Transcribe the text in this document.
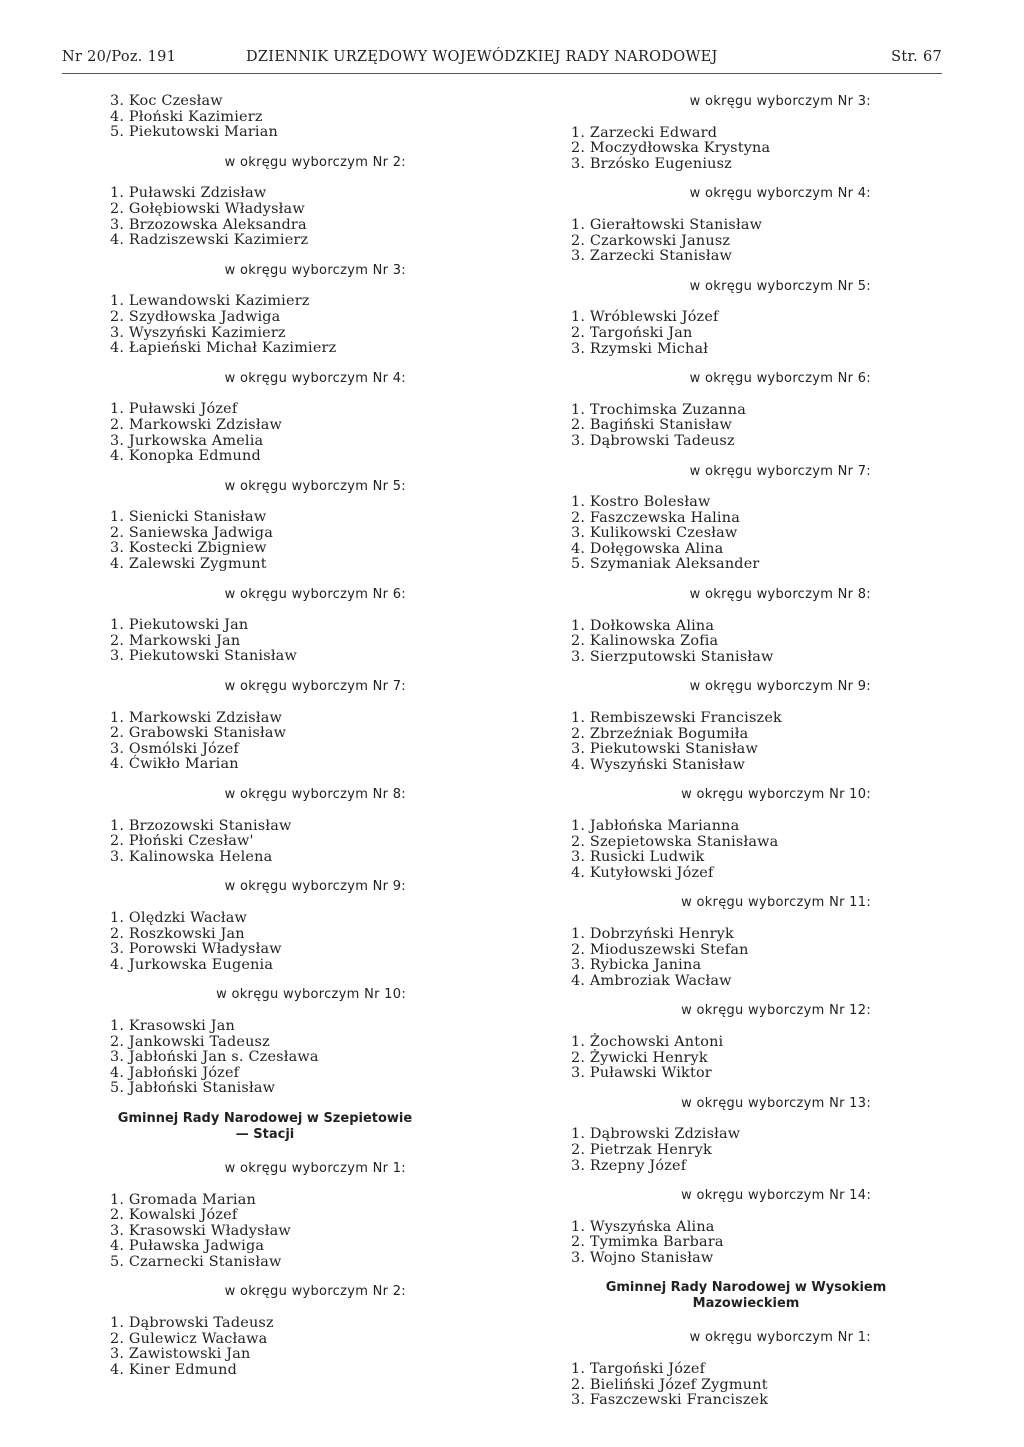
Nr 20/Poz. 191	DZIENNIK URZĘDOWY WOJEWÓDZKIEJ RADY NARODOWEJ	Str. 67
3. Koc Czesław
4. Płoński Kazimierz
5. Piekutowski Marian
w okręgu wyborczym Nr 2:
1. Puławski Zdzisław
2. Gołębiowski Władysław
3. Brzozowska Aleksandra
4. Radziszewski Kazimierz
w okręgu wyborczym Nr 3:
1. Lewandowski Kazimierz
2. Szydłowska Jadwiga
3. Wyszyński Kazimierz
4. Łapieński Michał Kazimierz
w okręgu wyborczym Nr 4:
1. Puławski Józef
2. Markowski Zdzisław
3. Jurkowska Amelia
4. Konopka Edmund
w okręgu wyborczym Nr 5:
1. Sienicki Stanisław
2. Saniewska Jadwiga
3. Kostecki Zbigniew
4. Zalewski Zygmunt
w okręgu wyborczym Nr 6:
1. Piekutowski Jan
2. Markowski Jan
3. Piekutowski Stanisław
w okręgu wyborczym Nr 7:
1. Markowski Zdzisław
2. Grabowski Stanisław
3. Osmólski Józef
4. Ćwikło Marian
w okręgu wyborczym Nr 8:
1. Brzozowski Stanisław
2. Płoński Czesław'
3. Kalinowska Helena
w okręgu wyborczym Nr 9:
1. Olędzki Wacław
2. Roszkowski Jan
3. Porowski Władysław
4. Jurkowska Eugenia
w okręgu wyborczym Nr 10:
1. Krasowski Jan
2. Jankowski Tadeusz
3. Jabłoński Jan s. Czesława
4. Jabłoński Józef
5. Jabłoński Stanisław
Gminnej Rady Narodowej w Szepietowie
— Stacji
w okręgu wyborczym Nr 1:
1. Gromada Marian
2. Kowalski Józef
3. Krasowski Władysław
4. Puławska Jadwiga
5. Czarnecki Stanisław
w okręgu wyborczym Nr 2:
1. Dąbrowski Tadeusz
2. Gulewicz Wacława
3. Zawistowski Jan
4. Kiner Edmund
w okręgu wyborczym Nr 3:
1. Zarzecki Edward
2. Moczydłowska Krystyna
3. Brzósko Eugeniusz
w okręgu wyborczym Nr 4:
1. Gierałtowski Stanisław
2. Czarkowski Janusz
3. Zarzecki Stanisław
w okręgu wyborczym Nr 5:
1. Wróblewski Józef
2. Targoński Jan
3. Rzymski Michał
w okręgu wyborczym Nr 6:
1. Trochimska Zuzanna
2. Bagiński Stanisław
3. Dąbrowski Tadeusz
w okręgu wyborczym Nr 7:
1. Kostro Bolesław
2. Faszczewska Halina
3. Kulikowski Czesław
4. Dołęgowska Alina
5. Szymaniak Aleksander
w okręgu wyborczym Nr 8:
1. Dołkowska Alina
2. Kalinowska Zofia
3. Sierzputowski Stanisław
w okręgu wyborczym Nr 9:
1. Rembiszewski Franciszek
2. Zbrzeźniak Bogumiła
3. Piekutowski Stanisław
4. Wyszyński Stanisław
w okręgu wyborczym Nr 10:
1. Jabłońska Marianna
2. Szepietowska Stanisława
3. Rusicki Ludwik
4. Kutyłowski Józef
w okręgu wyborczym Nr 11:
1. Dobrzyński Henryk
2. Mioduszewski Stefan
3. Rybicka Janina
4. Ambroziak Wacław
w okręgu wyborczym Nr 12:
1. Żochowski Antoni
2. Żywicki Henryk
3. Puławski Wiktor
w okręgu wyborczym Nr 13:
1. Dąbrowski Zdzisław
2. Pietrzak Henryk
3. Rzepny Józef
w okręgu wyborczym Nr 14:
1. Wyszyńska Alina
2. Tymimka Barbara
3. Wojno Stanisław
Gminnej Rady Narodowej w Wysokiem
Mazowieckiem
w okręgu wyborczym Nr 1:
1. Targoński Józef
2. Bieliński Józef Zygmunt
3. Faszczewski Franciszek
